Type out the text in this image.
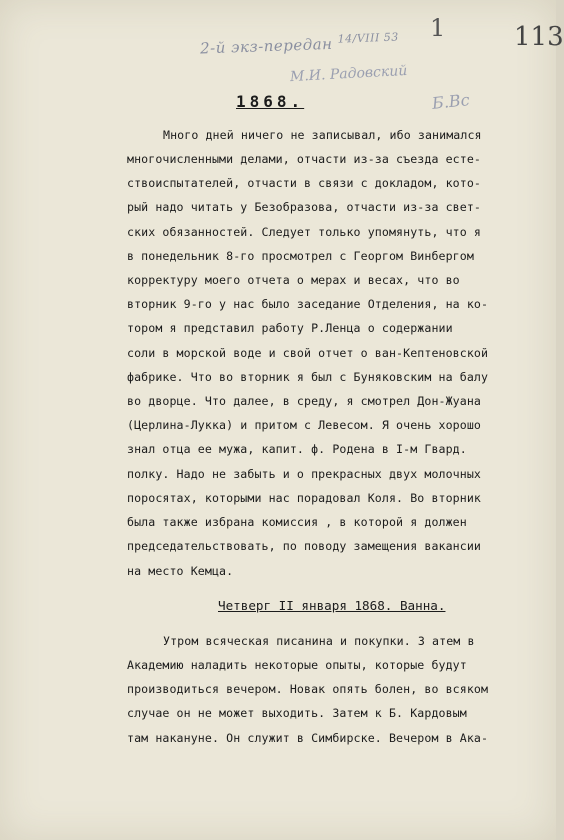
2-й экз-передан $^{14/VIII 53}$
М.И. Радовский
Б.Вс
1	113
1868.
Много дней ничего не записывал, ибо занимался
многочисленными делами, отчасти из-за съезда есте-
ствоиспытателей, отчасти в связи с докладом, кото-
рый надо читать у Безобразова, отчасти из-за свет-
ских обязанностей. Следует только упомянуть, что я
в понедельник 8-го просмотрел с Георгом Винбергом
корректуру моего отчета о мерах и весах, что во
вторник 9-го у нас было заседание Отделения, на ко-
тором я представил работу Р.Ленца о содержании
соли в морской воде и свой отчет о ван-Кептеновской
фабрике. Что во вторник я был с Буняковским на балу
во дворце. Что далее, в среду, я смотрел Дон-Жуана
(Церлина-Лукка) и притом с Левесом. Я очень хорошо
знал отца ее мужа, капит. ф. Родена в I-м Гвард.
полку. Надо не забыть и о прекрасных двух молочных
поросятах, которыми нас порадовал Коля. Во вторник
была также избрана комиссия , в которой я должен
председательствовать, по поводу замещения вакансии
на место Кемца.
Четверг II января 1868. Ванна.
Утром всяческая писанина и покупки. З атем в
Академию наладить некоторые опыты, которые будут
производиться вечером. Новак опять болен, во всяком
случае он не может выходить. Затем к Б. Кардовым
там накануне. Он служит в Симбирске. Вечером в Ака-
